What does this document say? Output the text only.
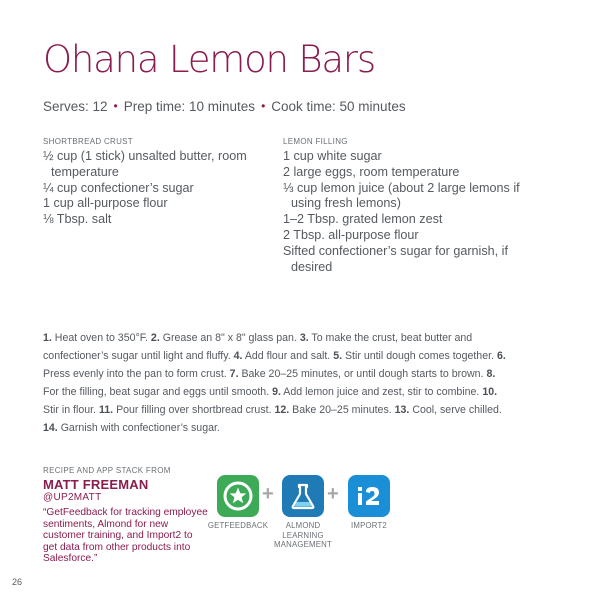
Ohana Lemon Bars
Serves: 12 • Prep time: 10 minutes • Cook time: 50 minutes
SHORTBREAD CRUST
½ cup (1 stick) unsalted butter, room temperature
¼ cup confectioner’s sugar
1 cup all-purpose flour
⅛ Tbsp. salt
LEMON FILLING
1 cup white sugar
2 large eggs, room temperature
⅓ cup lemon juice (about 2 large lemons if using fresh lemons)
1–2 Tbsp. grated lemon zest
2 Tbsp. all-purpose flour
Sifted confectioner’s sugar for garnish, if desired

1. Heat oven to 350°F. 2. Grease an 8" x 8" glass pan. 3. To make the crust, beat butter and confectioner’s sugar until light and fluffy. 4. Add flour and salt. 5. Stir until dough comes together. 6. Press evenly into the pan to form crust. 7. Bake 20–25 minutes, or until dough starts to brown. 8. For the filling, beat sugar and eggs until smooth. 9. Add lemon juice and zest, stir to combine. 10. Stir in flour. 11. Pour filling over shortbread crust. 12. Bake 20–25 minutes. 13. Cool, serve chilled. 14. Garnish with confectioner’s sugar.

RECIPE AND APP STACK FROM
MATT FREEMAN
@UP2MATT

“GetFeedback for tracking employee sentiments, Almond for new customer training, and Import2 to get data from other products into Salesforce.”

GETFEEDBACK
+
ALMOND LEARNING MANAGEMENT
+
IMPORT2
26
